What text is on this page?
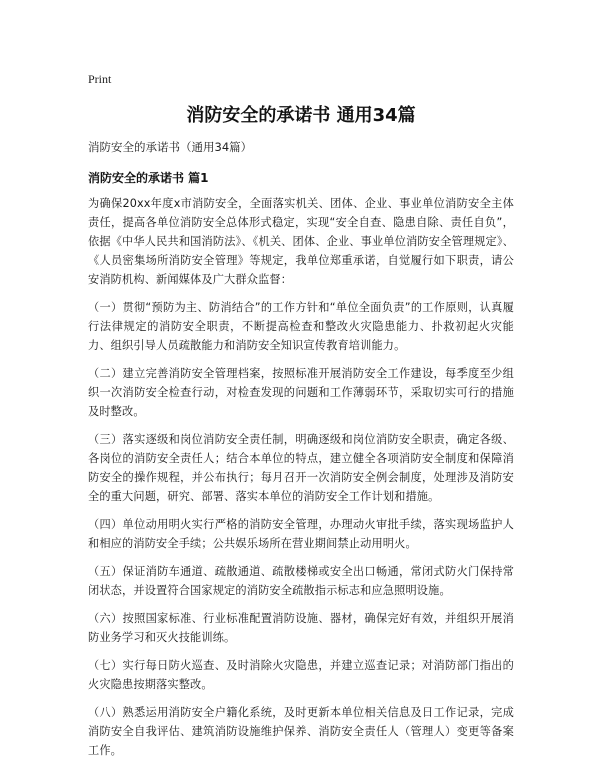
Print
消防安全的承诺书 通用34篇
消防安全的承诺书（通用34篇）
消防安全的承诺书 篇1

为确保20xx年度x市消防安全，全面落实机关、团体、企业、事业单位消防安全主体责任，提高各单位消防安全总体形式稳定，实现“安全自查、隐患自除、责任自负”，依据《中华人民共和国消防法》、《机关、团体、企业、事业单位消防安全管理规定》、《人员密集场所消防安全管理》等规定，我单位郑重承诺，自觉履行如下职责，请公安消防机构、新闻媒体及广大群众监督：

（一）贯彻“预防为主、防消结合”的工作方针和“单位全面负责”的工作原则，认真履行法律规定的消防安全职责，不断提高检查和整改火灾隐患能力、扑救初起火灾能力、组织引导人员疏散能力和消防安全知识宣传教育培训能力。

（二）建立完善消防安全管理档案，按照标准开展消防安全工作建设，每季度至少组织一次消防安全检查行动，对检查发现的问题和工作薄弱环节，采取切实可行的措施及时整改。

（三）落实逐级和岗位消防安全责任制，明确逐级和岗位消防安全职责，确定各级、各岗位的消防安全责任人；结合本单位的特点，建立健全各项消防安全制度和保障消防安全的操作规程，并公布执行；每月召开一次消防安全例会制度，处理涉及消防安全的重大问题，研究、部署、落实本单位的消防安全工作计划和措施。

（四）单位动用明火实行严格的消防安全管理，办理动火审批手续，落实现场监护人和相应的消防安全手续；公共娱乐场所在营业期间禁止动用明火。

（五）保证消防车通道、疏散通道、疏散楼梯或安全出口畅通，常闭式防火门保持常闭状态，并设置符合国家规定的消防安全疏散指示标志和应急照明设施。

（六）按照国家标准、行业标准配置消防设施、器材，确保完好有效，并组织开展消防业务学习和灭火技能训练。

（七）实行每日防火巡查、及时消除火灾隐患，并建立巡查记录；对消防部门指出的火灾隐患按期落实整改。

（八）熟悉运用消防安全户籍化系统，及时更新本单位相关信息及日工作记录，完成消防安全自我评估、建筑消防设施维护保养、消防安全责任人（管理人）变更等备案工作。
